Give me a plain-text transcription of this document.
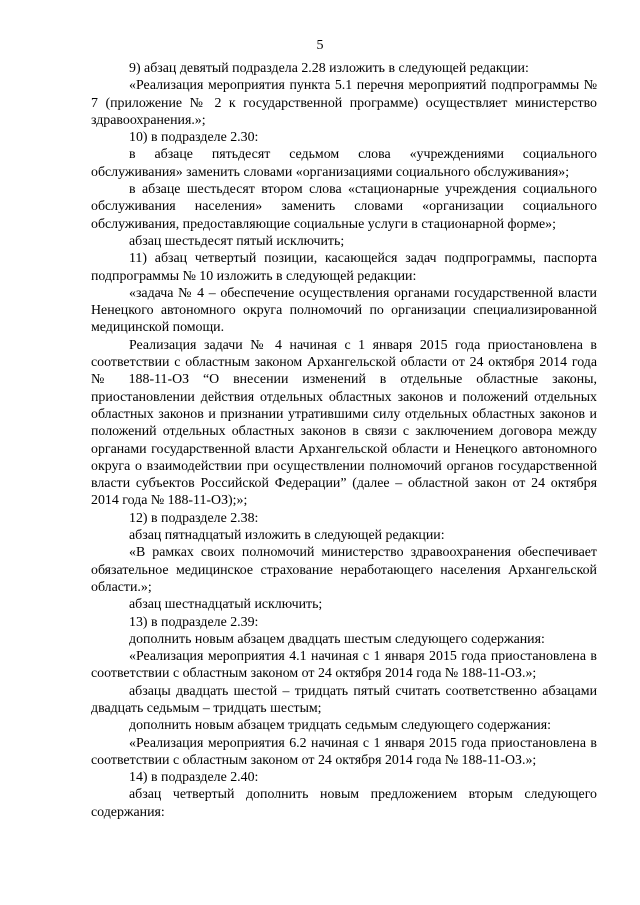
5

9) абзац девятый подраздела 2.28 изложить в следующей редакции:

«Реализация мероприятия пункта 5.1 перечня мероприятий подпрограммы № 7 (приложение № 2 к государственной программе) осуществляет министерство здравоохранения.»;

10) в подразделе 2.30:

в абзаце пятьдесят седьмом слова «учреждениями социального обслуживания» заменить словами «организациями социального обслуживания»;

в абзаце шестьдесят втором слова «стационарные учреждения социального обслуживания населения» заменить словами «организации социального обслуживания, предоставляющие социальные услуги в стационарной форме»;

абзац шестьдесят пятый исключить;

11) абзац четвертый позиции, касающейся задач подпрограммы, паспорта подпрограммы № 10 изложить в следующей редакции:

«задача № 4 – обеспечение осуществления органами государственной власти Ненецкого автономного округа полномочий по организации специализированной медицинской помощи.

Реализация задачи № 4 начиная с 1 января 2015 года приостановлена в соответствии с областным законом Архангельской области от 24 октября 2014 года № 188-11-ОЗ “О внесении изменений в отдельные областные законы, приостановлении действия отдельных областных законов и положений отдельных областных законов и признании утратившими силу отдельных областных законов и положений отдельных областных законов в связи с заключением договора между органами государственной власти Архангельской области и Ненецкого автономного округа о взаимодействии при осуществлении полномочий органов государственной власти субъектов Российской Федерации” (далее – областной закон от 24 октября 2014 года № 188-11-ОЗ);»;

12) в подразделе 2.38:

абзац пятнадцатый изложить в следующей редакции:

«В рамках своих полномочий министерство здравоохранения обеспечивает обязательное медицинское страхование неработающего населения Архангельской области.»;

абзац шестнадцатый исключить;

13) в подразделе 2.39:

дополнить новым абзацем двадцать шестым следующего содержания:

«Реализация мероприятия 4.1 начиная с 1 января 2015 года приостановлена в соответствии с областным законом от 24 октября 2014 года № 188-11-ОЗ.»;

абзацы двадцать шестой – тридцать пятый считать соответственно абзацами двадцать седьмым – тридцать шестым;

дополнить новым абзацем тридцать седьмым следующего содержания:

«Реализация мероприятия 6.2 начиная с 1 января 2015 года приостановлена в соответствии с областным законом от 24 октября 2014 года № 188-11-ОЗ.»;

14) в подразделе 2.40:

абзац четвертый дополнить новым предложением вторым следующего содержания:
